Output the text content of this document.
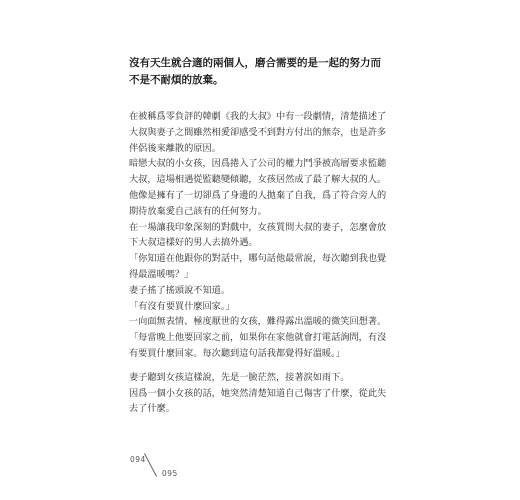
沒有天生就合適的兩個人，磨合需要的是一起的努力而不是不耐煩的放棄。

在被稱爲零負評的韓劇《我的大叔》中有一段劇情，清楚描述了大叔與妻子之間雖然相愛卻感受不到對方付出的無奈，也是許多伴侶後來離散的原因。

暗戀大叔的小女孩，因爲捲入了公司的權力鬥爭被高層要求監聽大叔，這場相遇從監聽變傾聽，女孩居然成了最了解大叔的人。他像是擁有了一切卻爲了身邊的人拋棄了自我，爲了符合旁人的期待放棄愛自己該有的任何努力。

在一場讓我印象深刻的對戲中，女孩質問大叔的妻子，怎麼會放下大叔這樣好的男人去搞外遇。

「你知道在他跟你的對話中，哪句話他最常說，每次聽到我也覺得最溫暖嗎？」

妻子搖了搖頭說不知道。

「有沒有要買什麼回家。」

一向面無表情、極度厭世的女孩，難得露出溫暖的微笑回想著。

「每當晚上他要回家之前，如果你在家他就會打電話詢問，有沒有要買什麼回家。每次聽到這句話我都覺得好溫暖。」

妻子聽到女孩這樣說，先是一臉茫然，接著淚如雨下。

因爲一個小女孩的話，她突然清楚知道自己傷害了什麼，從此失去了什麼。

094
095
